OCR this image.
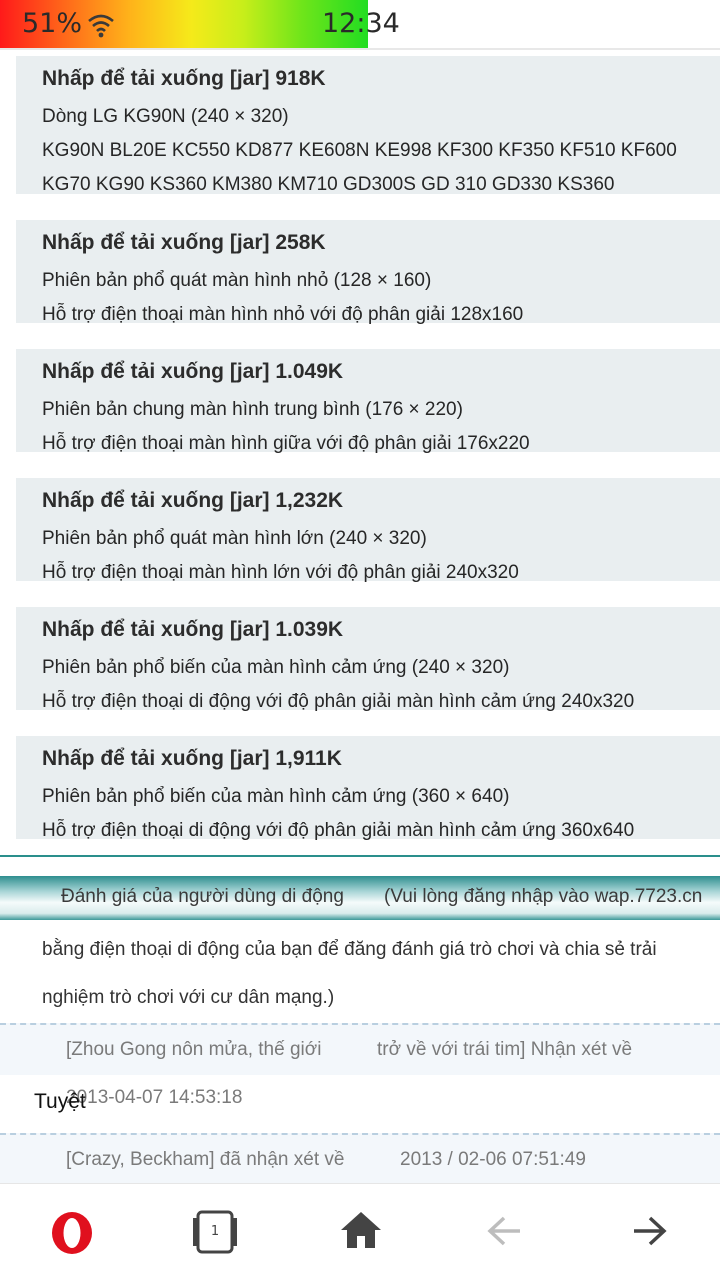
51%	12:34
Nhấp để tải xuống [jar] 918K
Dòng LG KG90N (240 × 320)
KG90N BL20E KC550 KD877 KE608N KE998 KF300 KF350 KF510 KF600
KG70 KG90 KS360 KM380 KM710 GD300S GD 310 GD330 KS360
Nhấp để tải xuống [jar] 258K
Phiên bản phổ quát màn hình nhỏ (128 × 160)
Hỗ trợ điện thoại màn hình nhỏ với độ phân giải 128x160
Nhấp để tải xuống [jar] 1.049K
Phiên bản chung màn hình trung bình (176 × 220)
Hỗ trợ điện thoại màn hình giữa với độ phân giải 176x220
Nhấp để tải xuống [jar] 1,232K
Phiên bản phổ quát màn hình lớn (240 × 320)
Hỗ trợ điện thoại màn hình lớn với độ phân giải 240x320
Nhấp để tải xuống [jar] 1.039K
Phiên bản phổ biến của màn hình cảm ứng (240 × 320)
Hỗ trợ điện thoại di động với độ phân giải màn hình cảm ứng 240x320
Nhấp để tải xuống [jar] 1,911K
Phiên bản phổ biến của màn hình cảm ứng (360 × 640)
Hỗ trợ điện thoại di động với độ phân giải màn hình cảm ứng 360x640
Đánh giá của người dùng di động (Vui lòng đăng nhập vào wap.7723.cn
bằng điện thoại di động của bạn để đăng đánh giá trò chơi và chia sẻ trải nghiệm trò chơi với cư dân mạng.)
[Zhou Gong nôn mửa, thế giới	trở về với trái tim] Nhận xét về
2013-04-07 14:53:18
Tuyệt
[Crazy, Beckham] đã nhận xét về	2013 / 02-06 07:51:49
1
